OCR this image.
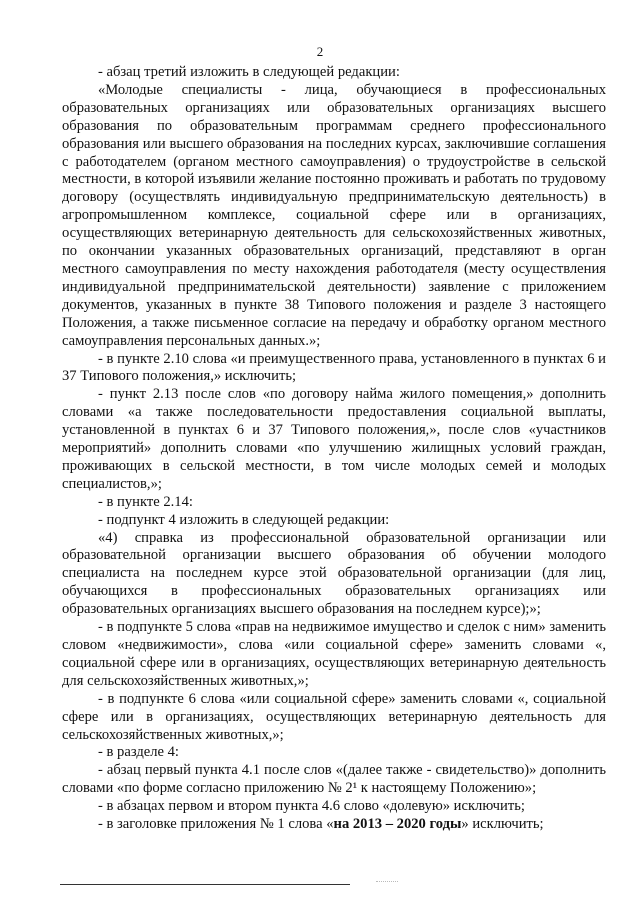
2

- абзац третий изложить в следующей редакции:

«Молодые специалисты - лица, обучающиеся в профессиональных образовательных организациях или образовательных организациях высшего образования по образовательным программам среднего профессионального образования или высшего образования на последних курсах, заключившие соглашения с работодателем (органом местного самоуправления) о трудоустройстве в сельской местности, в которой изъявили желание постоянно проживать и работать по трудовому договору (осуществлять индивидуальную предпринимательскую деятельность) в агропромышленном комплексе, социальной сфере или в организациях, осуществляющих ветеринарную деятельность для сельскохозяйственных животных, по окончании указанных образовательных организаций, представляют в орган местного самоуправления по месту нахождения работодателя (месту осуществления индивидуальной предпринимательской деятельности) заявление с приложением документов, указанных в пункте 38 Типового положения и разделе 3 настоящего Положения, а также письменное согласие на передачу и обработку органом местного самоуправления персональных данных.»;

- в пункте 2.10 слова «и преимущественного права, установленного в пунктах 6 и 37 Типового положения,» исключить;

- пункт 2.13 после слов «по договору найма жилого помещения,» дополнить словами «а также последовательности предоставления социальной выплаты, установленной в пунктах 6 и 37 Типового положения,», после слов «участников мероприятий» дополнить словами «по улучшению жилищных условий граждан, проживающих в сельской местности, в том числе молодых семей и молодых специалистов,»;

- в пункте 2.14:

- подпункт 4 изложить в следующей редакции:

«4) справка из профессиональной образовательной организации или образовательной организации высшего образования об обучении молодого специалиста на последнем курсе этой образовательной организации (для лиц, обучающихся в профессиональных образовательных организациях или образовательных организациях высшего образования на последнем курсе);»;

- в подпункте 5 слова «прав на недвижимое имущество и сделок с ним» заменить словом «недвижимости», слова «или социальной сфере» заменить словами «, социальной сфере или в организациях, осуществляющих ветеринарную деятельность для сельскохозяйственных животных,»;

- в подпункте 6 слова «или социальной сфере» заменить словами «, социальной сфере или в организациях, осуществляющих ветеринарную деятельность для сельскохозяйственных животных,»;

- в разделе 4:

- абзац первый пункта 4.1 после слов «(далее также - свидетельство)» дополнить словами «по форме согласно приложению № 2¹ к настоящему Положению»;

- в абзацах первом и втором пункта 4.6 слово «долевую» исключить;

- в заголовке приложения № 1 слова «на 2013 – 2020 годы» исключить;
